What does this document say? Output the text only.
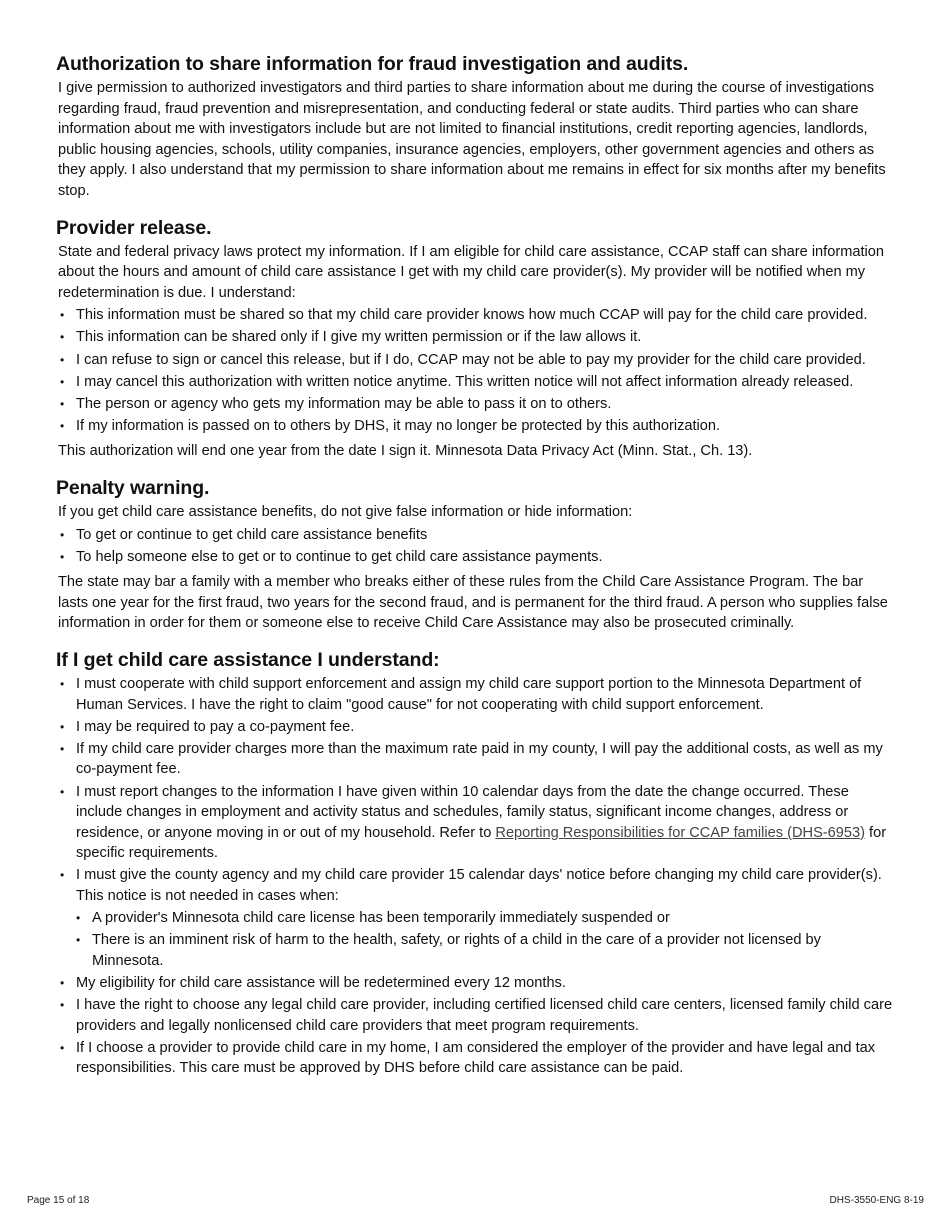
Authorization to share information for fraud investigation and audits.

I give permission to authorized investigators and third parties to share information about me during the course of investigations regarding fraud, fraud prevention and misrepresentation, and conducting federal or state audits. Third parties who can share information about me with investigators include but are not limited to financial institutions, credit reporting agencies, landlords, public housing agencies, schools, utility companies, insurance agencies, employers, other government agencies and others as they apply. I also understand that my permission to share information about me remains in effect for six months after my benefits stop.

Provider release.

State and federal privacy laws protect my information. If I am eligible for child care assistance, CCAP staff can share information about the hours and amount of child care assistance I get with my child care provider(s). My provider will be notified when my redetermination is due. I understand:

• This information must be shared so that my child care provider knows how much CCAP will pay for the child care provided.
• This information can be shared only if I give my written permission or if the law allows it.
• I can refuse to sign or cancel this release, but if I do, CCAP may not be able to pay my provider for the child care provided.
• I may cancel this authorization with written notice anytime. This written notice will not affect information already released.
• The person or agency who gets my information may be able to pass it on to others.
• If my information is passed on to others by DHS, it may no longer be protected by this authorization.

This authorization will end one year from the date I sign it. Minnesota Data Privacy Act (Minn. Stat., Ch. 13).

Penalty warning.

If you get child care assistance benefits, do not give false information or hide information:

• To get or continue to get child care assistance benefits
• To help someone else to get or to continue to get child care assistance payments.

The state may bar a family with a member who breaks either of these rules from the Child Care Assistance Program. The bar lasts one year for the first fraud, two years for the second fraud, and is permanent for the third fraud. A person who supplies false information in order for them or someone else to receive Child Care Assistance may also be prosecuted criminally.

If I get child care assistance I understand:
• I must cooperate with child support enforcement and assign my child care support portion to the Minnesota Department of Human Services. I have the right to claim "good cause" for not cooperating with child support enforcement.
• I may be required to pay a co-payment fee.
• If my child care provider charges more than the maximum rate paid in my county, I will pay the additional costs, as well as my co-payment fee.
• I must report changes to the information I have given within 10 calendar days from the date the change occurred. These include changes in employment and activity status and schedules, family status, significant income changes, address or residence, or anyone moving in or out of my household. Refer to Reporting Responsibilities for CCAP families (DHS-6953) for specific requirements.
• I must give the county agency and my child care provider 15 calendar days' notice before changing my child care provider(s). This notice is not needed in cases when:
• A provider's Minnesota child care license has been temporarily immediately suspended or
• There is an imminent risk of harm to the health, safety, or rights of a child in the care of a provider not licensed by Minnesota.
• My eligibility for child care assistance will be redetermined every 12 months.
• I have the right to choose any legal child care provider, including certified licensed child care centers, licensed family child care providers and legally nonlicensed child care providers that meet program requirements.
• If I choose a provider to provide child care in my home, I am considered the employer of the provider and have legal and tax responsibilities. This care must be approved by DHS before child care assistance can be paid.
Page 15 of 18	DHS-3550-ENG 8-19
